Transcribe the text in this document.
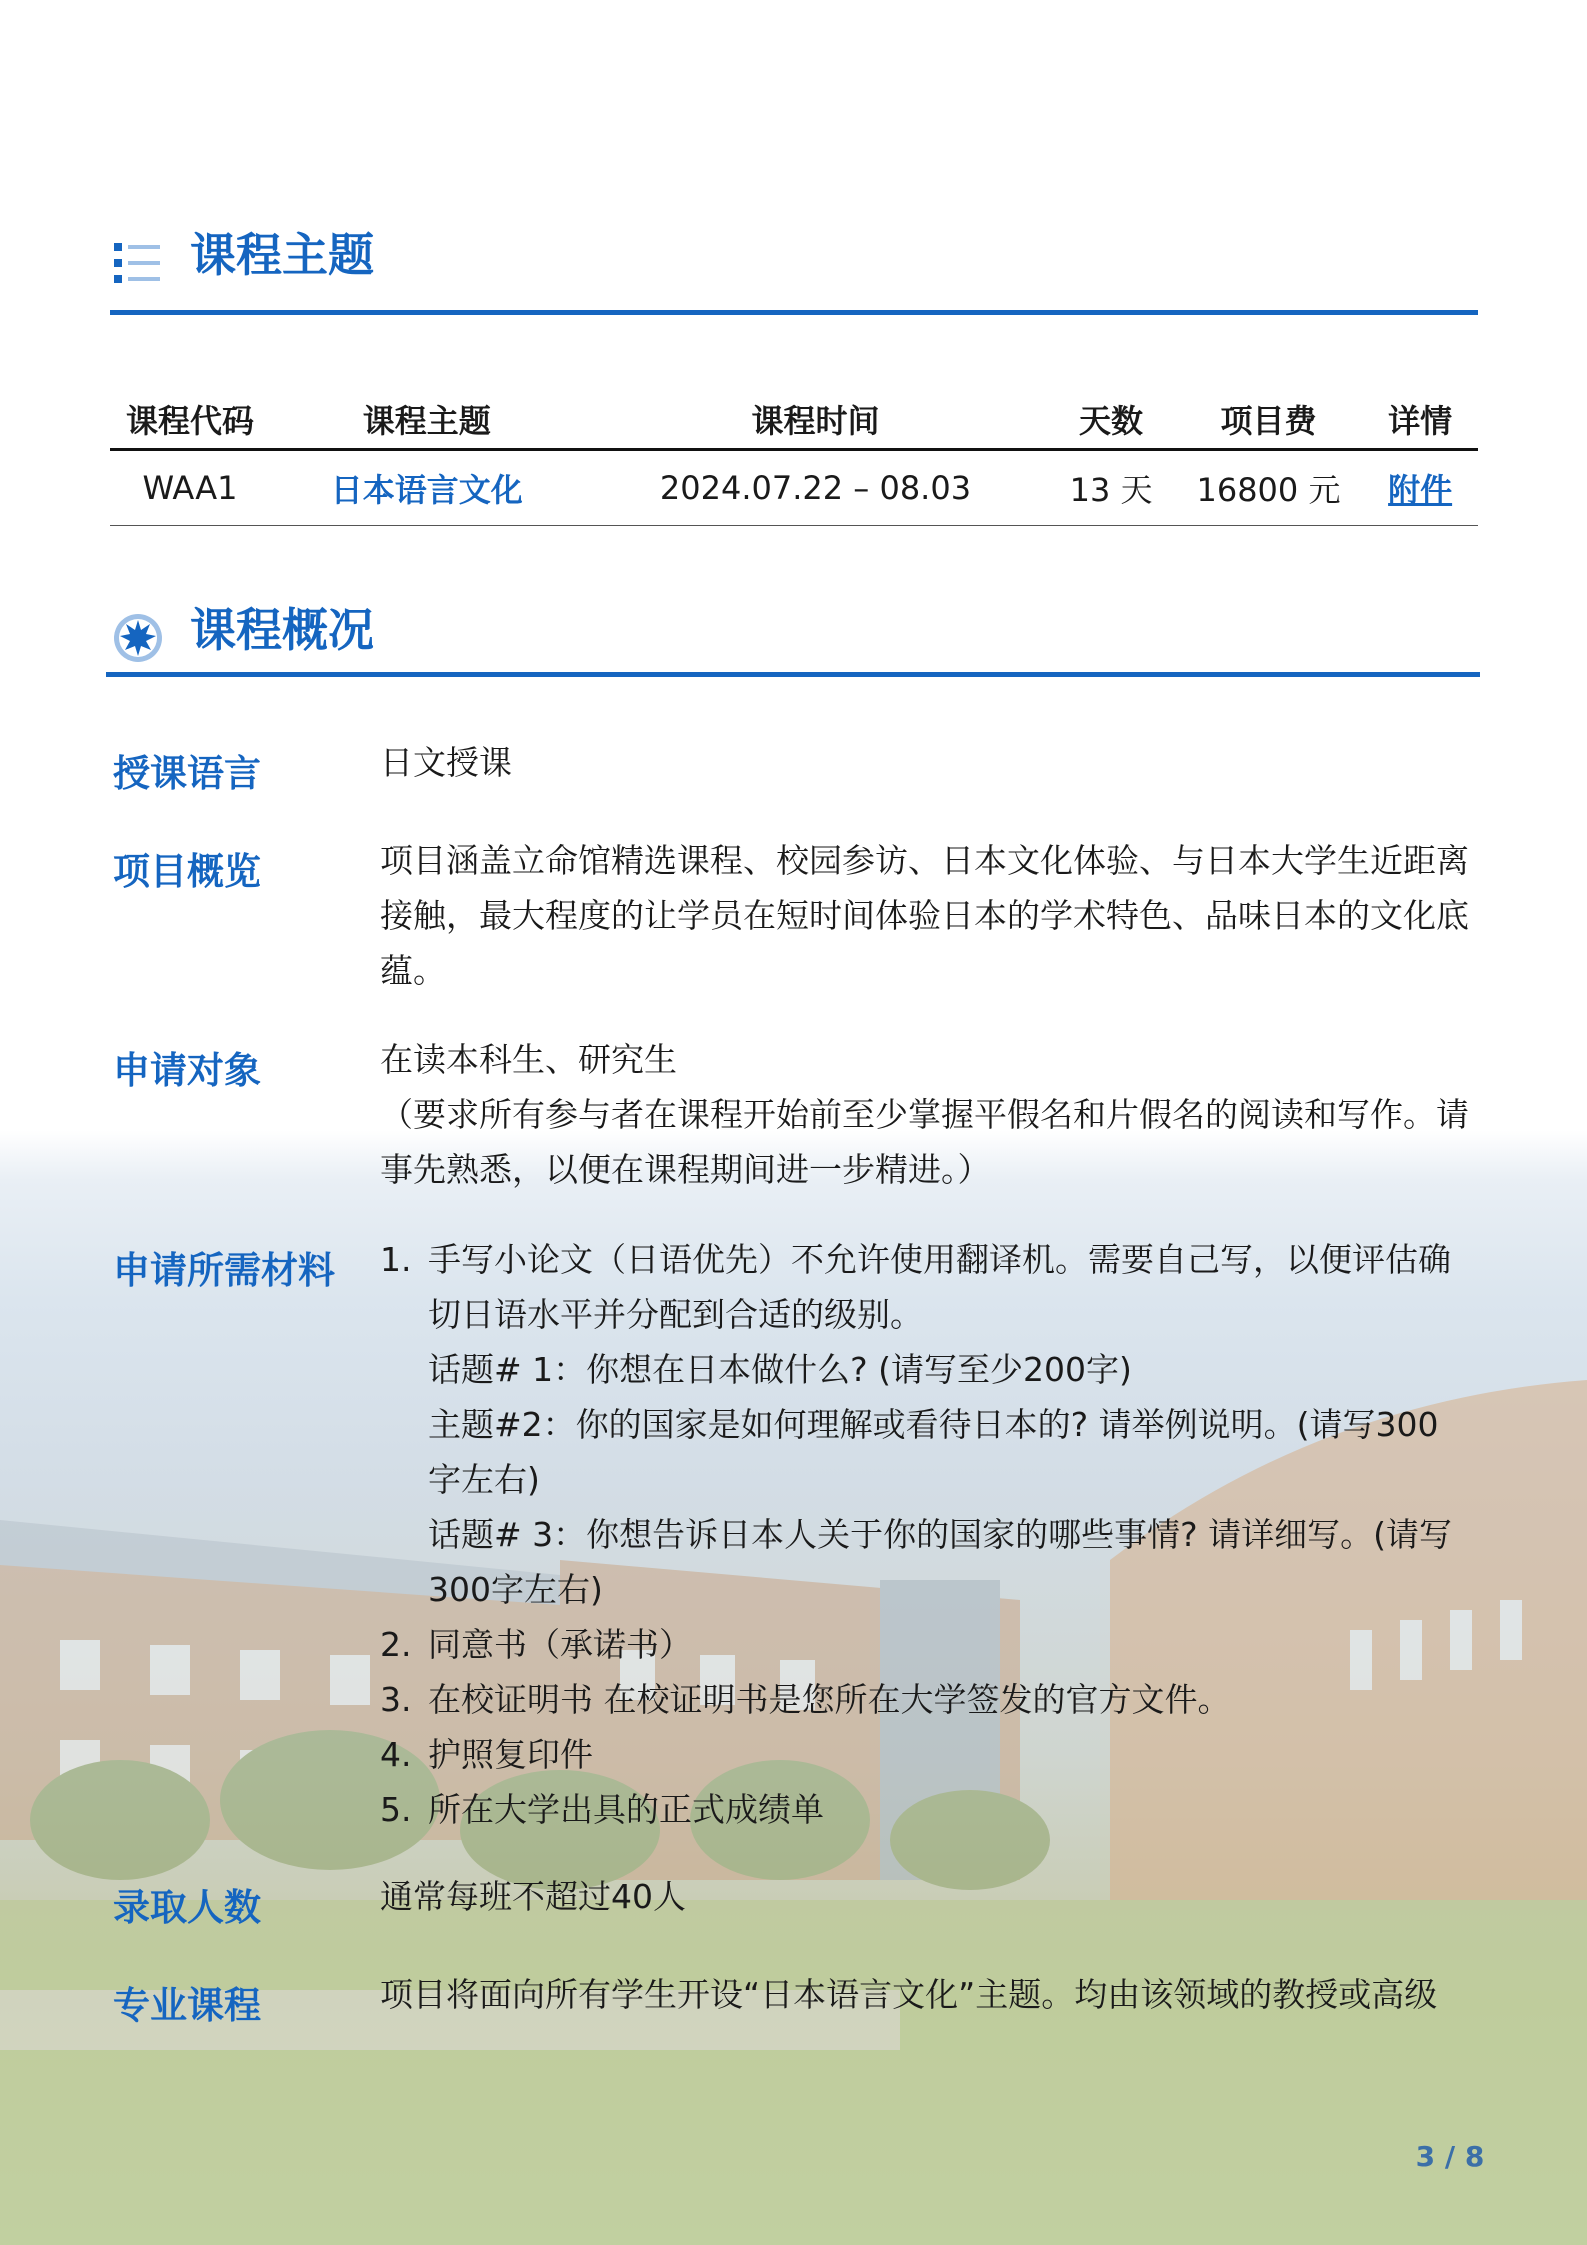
课程主题
课程代码	课程主题	课程时间	天数	项目费	详情
WAA1	日本语言文化	2024.07.22 – 08.03	13 天	16800 元	附件
课程概况
授课语言	日文授课
项目概览	项目涵盖立命馆精选课程、校园参访、日本文化体验、与日本大学生近距离接触，最大程度的让学员在短时间体验日本的学术特色、品味日本的文化底蕴。
申请对象	在读本科生、研究生
（要求所有参与者在课程开始前至少掌握平假名和片假名的阅读和写作。请事先熟悉，以便在课程期间进一步精进。）
申请所需材料 1. 手写小论文（日语优先）不允许使用翻译机。需要自己写，以便评估确切日语水平并分配到合适的级别。
话题# 1：你想在日本做什么? (请写至少200字)
主题#2：你的国家是如何理解或看待日本的? 请举例说明。(请写300字左右)
话题# 3：你想告诉日本人关于你的国家的哪些事情? 请详细写。(请写300字左右)
2. 同意书（承诺书）
3. 在校证明书 在校证明书是您所在大学签发的官方文件。
4. 护照复印件
5. 所在大学出具的正式成绩单
录取人数	通常每班不超过40人
专业课程	项目将面向所有学生开设“日本语言文化”主题。均由该领域的教授或高级
3 / 8
